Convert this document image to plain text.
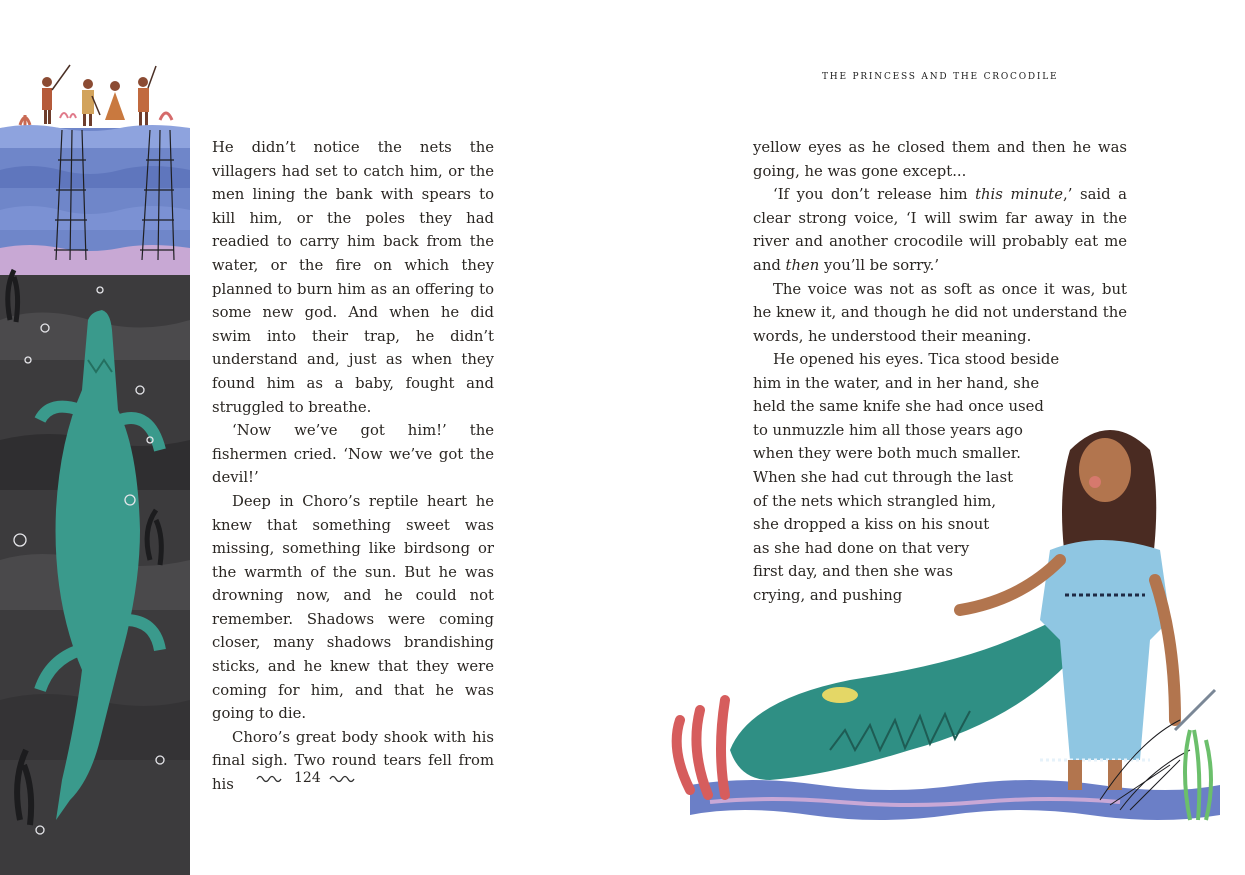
He didn’t notice the nets the villagers had set to catch him, or the men lining the bank with spears to kill him, or the poles they had readied to carry him back from the water, or the fire on which they planned to burn him as an offering to some new god. And when he did swim into their trap, he didn’t understand and, just as when they found him as a baby, fought and struggled to breathe.

‘Now we’ve got him!’ the fishermen cried. ‘Now we’ve got the devil!’

Deep in Choro’s reptile heart he knew that something sweet was missing, something like birdsong or the warmth of the sun. But he was drowning now, and he could not remember. Shadows were coming closer, many shadows brandishing sticks, and he knew that they were coming for him, and that he was going to die.

Choro’s great body shook with his final sigh. Two round tears fell from his	124
THE PRINCESS AND THE CROCODILE

yellow eyes as he closed them and then he was going, he was gone except...

‘If you don’t release him this minute,’ said a clear strong voice, ‘I will swim far away in the river and another crocodile will probably eat me and then you’ll be sorry.’

The voice was not as soft as once it was, but he knew it, and though he did not understand the words, he understood their meaning.

He opened his eyes. Tica stood beside
him in the water, and in her hand, she
held the same knife she had once used
to unmuzzle him all those years ago
when they were both much smaller.
When she had cut through the last
of the nets which strangled him,
she dropped a kiss on his snout
as she had done on that very
first day, and then she was
crying, and pushing
